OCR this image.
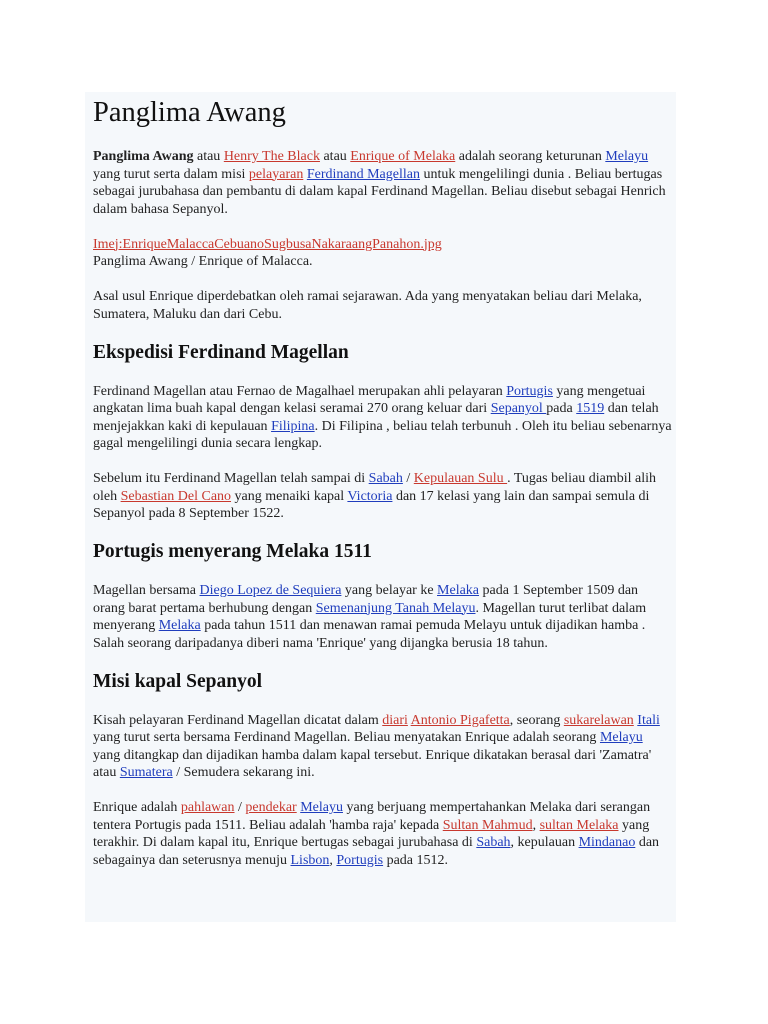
Panglima Awang

Panglima Awang atau Henry The Black atau Enrique of Melaka adalah seorang keturunan Melayu yang turut serta dalam misi pelayaran Ferdinand Magellan untuk mengelilingi dunia . Beliau bertugas sebagai jurubahasa dan pembantu di dalam kapal Ferdinand Magellan. Beliau disebut sebagai Henrich dalam bahasa Sepanyol.

Imej:EnriqueMalaccaCebuanoSugbusaNakaraangPanahon.jpg
Panglima Awang / Enrique of Malacca.

Asal usul Enrique diperdebatkan oleh ramai sejarawan. Ada yang menyatakan beliau dari Melaka, Sumatera, Maluku dan dari Cebu.

Ekspedisi Ferdinand Magellan

Ferdinand Magellan atau Fernao de Magalhael merupakan ahli pelayaran Portugis yang mengetuai angkatan lima buah kapal dengan kelasi seramai 270 orang keluar dari Sepanyol pada 1519 dan telah menjejakkan kaki di kepulauan Filipina. Di Filipina , beliau telah terbunuh . Oleh itu beliau sebenarnya gagal mengelilingi dunia secara lengkap.

Sebelum itu Ferdinand Magellan telah sampai di Sabah / Kepulauan Sulu . Tugas beliau diambil alih oleh Sebastian Del Cano yang menaiki kapal Victoria dan 17 kelasi yang lain dan sampai semula di Sepanyol pada 8 September 1522.

Portugis menyerang Melaka 1511

Magellan bersama Diego Lopez de Sequiera yang belayar ke Melaka pada 1 September 1509 dan orang barat pertama berhubung dengan Semenanjung Tanah Melayu. Magellan turut terlibat dalam menyerang Melaka pada tahun 1511 dan menawan ramai pemuda Melayu untuk dijadikan hamba . Salah seorang daripadanya diberi nama 'Enrique' yang dijangka berusia 18 tahun.

Misi kapal Sepanyol

Kisah pelayaran Ferdinand Magellan dicatat dalam diari Antonio Pigafetta, seorang sukarelawan Itali yang turut serta bersama Ferdinand Magellan. Beliau menyatakan Enrique adalah seorang Melayu yang ditangkap dan dijadikan hamba dalam kapal tersebut. Enrique dikatakan berasal dari 'Zamatra' atau Sumatera / Semudera sekarang ini.

Enrique adalah pahlawan / pendekar Melayu yang berjuang mempertahankan Melaka dari serangan tentera Portugis pada 1511. Beliau adalah 'hamba raja' kepada Sultan Mahmud, sultan Melaka yang terakhir. Di dalam kapal itu, Enrique bertugas sebagai jurubahasa di Sabah, kepulauan Mindanao dan sebagainya dan seterusnya menuju Lisbon, Portugis pada 1512.
